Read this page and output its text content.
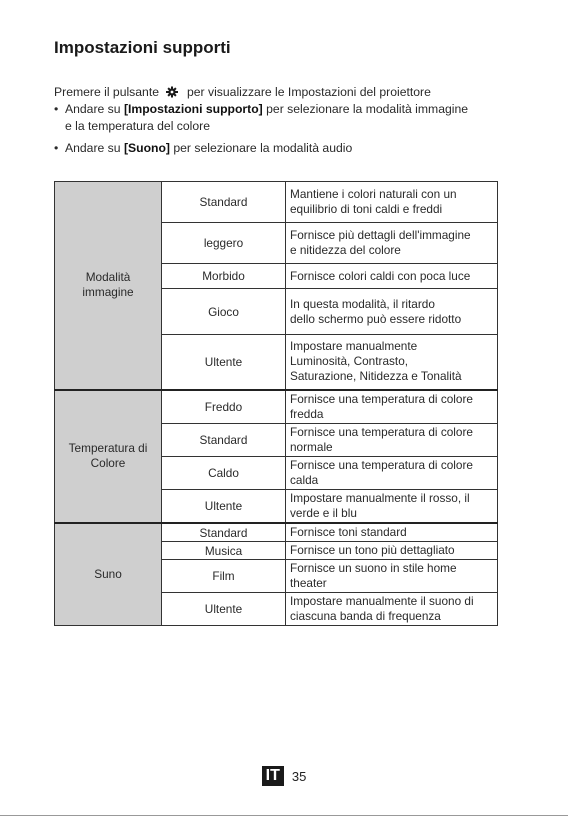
Impostazioni supporti
Premere il pulsante per visualizzare le Impostazioni del proiettore
• Andare su [Impostazioni supporto] per selezionare la modalità immagine
e la temperatura del colore
• Andare su [Suono] per selezionare la modalità audio
Modalità
immagine	Standard	Mantiene i colori naturali con un
equilibrio di toni caldi e freddi
	leggero	Fornisce più dettagli dell'immagine
e nitidezza del colore
	Morbido	Fornisce colori caldi con poca luce
	Gioco	In questa modalità, il ritardo
dello schermo può essere ridotto
	Ultente	Impostare manualmente
Luminosità, Contrasto,
Saturazione, Nitidezza e Tonalità
Temperatura di
Colore	Freddo	Fornisce una temperatura di colore
fredda
	Standard	Fornisce una temperatura di colore
normale
	Caldo	Fornisce una temperatura di colore
calda
	Ultente	Impostare manualmente il rosso, il
verde e il blu
Suno	Standard	Fornisce toni standard
	Musica	Fornisce un tono più dettagliato
	Film	Fornisce un suono in stile home
theater
	Ultente	Impostare manualmente il suono di
ciascuna banda di frequenza
IT 35
